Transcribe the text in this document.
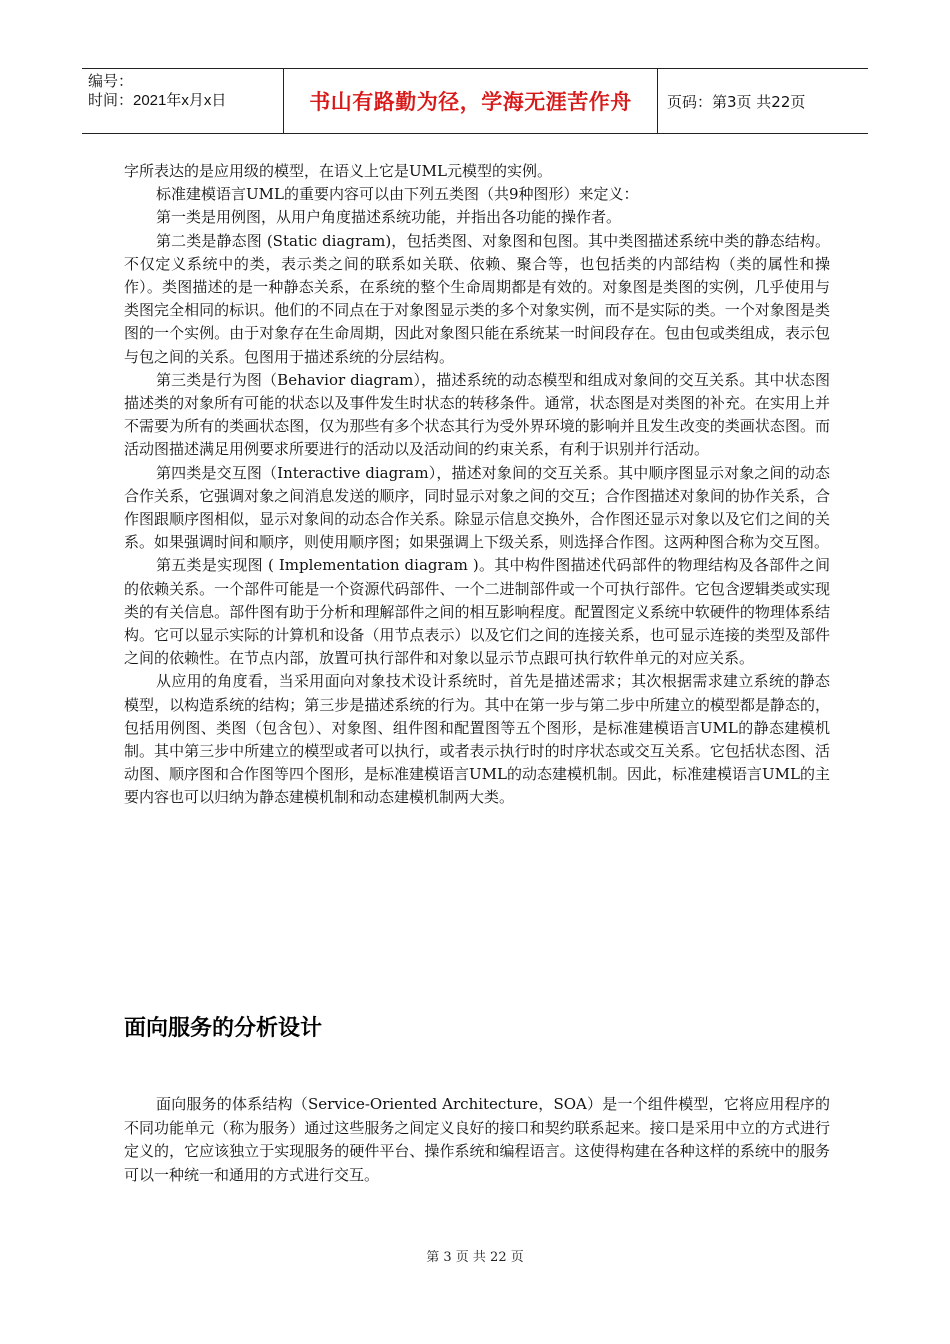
编号：
时间：2021年x月x日	书山有路勤为径，学海无涯苦作舟	页码：第3页 共22页

字所表达的是应用级的模型，在语义上它是UML元模型的实例。

标准建模语言UML的重要内容可以由下列五类图（共9种图形）来定义：

第一类是用例图，从用户角度描述系统功能，并指出各功能的操作者。

第二类是静态图 (Static diagram)，包括类图、对象图和包图。其中类图描述系统中类的静态结构。不仅定义系统中的类，表示类之间的联系如关联、依赖、聚合等，也包括类的内部结构（类的属性和操作）。类图描述的是一种静态关系，在系统的整个生命周期都是有效的。对象图是类图的实例，几乎使用与类图完全相同的标识。他们的不同点在于对象图显示类的多个对象实例，而不是实际的类。一个对象图是类图的一个实例。由于对象存在生命周期，因此对象图只能在系统某一时间段存在。包由包或类组成，表示包与包之间的关系。包图用于描述系统的分层结构。

第三类是行为图（Behavior diagram），描述系统的动态模型和组成对象间的交互关系。其中状态图描述类的对象所有可能的状态以及事件发生时状态的转移条件。通常，状态图是对类图的补充。在实用上并不需要为所有的类画状态图，仅为那些有多个状态其行为受外界环境的影响并且发生改变的类画状态图。而活动图描述满足用例要求所要进行的活动以及活动间的约束关系，有利于识别并行活动。

第四类是交互图（Interactive diagram），描述对象间的交互关系。其中顺序图显示对象之间的动态合作关系，它强调对象之间消息发送的顺序，同时显示对象之间的交互；合作图描述对象间的协作关系，合作图跟顺序图相似，显示对象间的动态合作关系。除显示信息交换外，合作图还显示对象以及它们之间的关系。如果强调时间和顺序，则使用顺序图；如果强调上下级关系，则选择合作图。这两种图合称为交互图。

第五类是实现图 ( Implementation diagram )。其中构件图描述代码部件的物理结构及各部件之间的依赖关系。一个部件可能是一个资源代码部件、一个二进制部件或一个可执行部件。它包含逻辑类或实现类的有关信息。部件图有助于分析和理解部件之间的相互影响程度。配置图定义系统中软硬件的物理体系结构。它可以显示实际的计算机和设备（用节点表示）以及它们之间的连接关系，也可显示连接的类型及部件之间的依赖性。在节点内部，放置可执行部件和对象以显示节点跟可执行软件单元的对应关系。

从应用的角度看，当采用面向对象技术设计系统时，首先是描述需求；其次根据需求建立系统的静态模型，以构造系统的结构；第三步是描述系统的行为。其中在第一步与第二步中所建立的模型都是静态的，包括用例图、类图（包含包）、对象图、组件图和配置图等五个图形，是标准建模语言UML的静态建模机制。其中第三步中所建立的模型或者可以执行，或者表示执行时的时序状态或交互关系。它包括状态图、活动图、顺序图和合作图等四个图形，是标准建模语言UML的动态建模机制。因此，标准建模语言UML的主要内容也可以归纳为静态建模机制和动态建模机制两大类。

面向服务的分析设计

面向服务的体系结构（Service-Oriented Architecture，SOA）是一个组件模型，它将应用程序的不同功能单元（称为服务）通过这些服务之间定义良好的接口和契约联系起来。接口是采用中立的方式进行定义的，它应该独立于实现服务的硬件平台、操作系统和编程语言。这使得构建在各种这样的系统中的服务可以一种统一和通用的方式进行交互。

第 3 页 共 22 页
